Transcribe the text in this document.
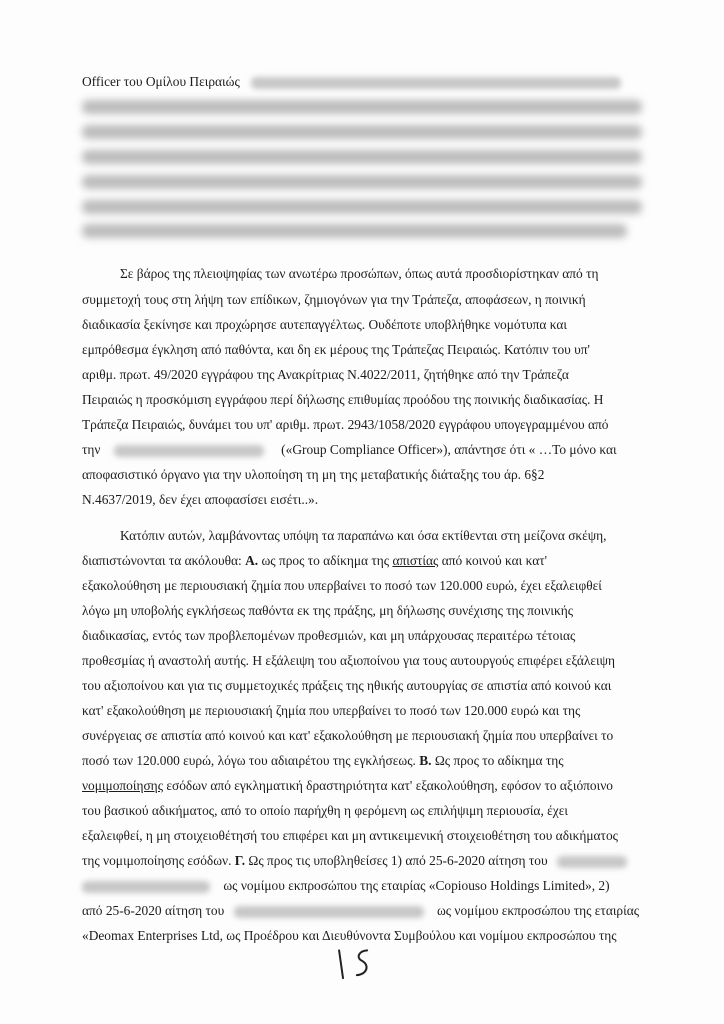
Officer του Ομίλου Πειραιώς
Σε βάρος της πλειοψηφίας των ανωτέρω προσώπων, όπως αυτά προσδιορίστηκαν από τη
συμμετοχή τους στη λήψη των επίδικων, ζημιογόνων για την Τράπεζα, αποφάσεων, η ποινική
διαδικασία ξεκίνησε και προχώρησε αυτεπαγγέλτως. Ουδέποτε υποβλήθηκε νομότυπα και
εμπρόθεσμα έγκληση από παθόντα, και δη εκ μέρους της Τράπεζας Πειραιώς. Κατόπιν του υπ'
αριθμ. πρωτ. 49/2020 εγγράφου της Ανακρίτριας Ν.4022/2011, ζητήθηκε από την Τράπεζα
Πειραιώς η προσκόμιση εγγράφου περί δήλωσης επιθυμίας προόδου της ποινικής διαδικασίας. Η
Τράπεζα Πειραιώς, δυνάμει του υπ' αριθμ. πρωτ. 2943/1058/2020 εγγράφου υπογεγραμμένου από
την	(«Group Compliance Officer»), απάντησε ότι « …Το μόνο και
αποφασιστικό όργανο για την υλοποίηση τη μη της μεταβατικής διάταξης του άρ. 6§2
Ν.4637/2019, δεν έχει αποφασίσει εισέτι..».
Κατόπιν αυτών, λαμβάνοντας υπόψη τα παραπάνω και όσα εκτίθενται στη μείζονα σκέψη,
διαπιστώνονται τα ακόλουθα: Α. ως προς το αδίκημα της απιστίας από κοινού και κατ'
εξακολούθηση με περιουσιακή ζημία που υπερβαίνει το ποσό των 120.000 ευρώ, έχει εξαλειφθεί
λόγω μη υποβολής εγκλήσεως παθόντα εκ της πράξης, μη δήλωσης συνέχισης της ποινικής
διαδικασίας, εντός των προβλεπομένων προθεσμιών, και μη υπάρχουσας περαιτέρω τέτοιας
προθεσμίας ή αναστολή αυτής. Η εξάλειψη του αξιοποίνου για τους αυτουργούς επιφέρει εξάλειψη
του αξιοποίνου και για τις συμμετοχικές πράξεις της ηθικής αυτουργίας σε απιστία από κοινού και
κατ' εξακολούθηση με περιουσιακή ζημία που υπερβαίνει το ποσό των 120.000 ευρώ και της
συνέργειας σε απιστία από κοινού και κατ' εξακολούθηση με περιουσιακή ζημία που υπερβαίνει το
ποσό των 120.000 ευρώ, λόγω του αδιαιρέτου της εγκλήσεως. Β. Ως προς το αδίκημα της
νομιμοποίησης εσόδων από εγκληματική δραστηριότητα κατ' εξακολούθηση, εφόσον το αξιόποινο
του βασικού αδικήματος, από το οποίο παρήχθη η φερόμενη ως επιλήψιμη περιουσία, έχει
εξαλειφθεί, η μη στοιχειοθέτησή του επιφέρει και μη αντικειμενική στοιχειοθέτηση του αδικήματος
της νομιμοποίησης εσόδων. Γ. Ως προς τις υποβληθείσες 1) από 25-6-2020 αίτηση του
ως νομίμου εκπροσώπου της εταιρίας «Copiouso Holdings Limited», 2)
από 25-6-2020 αίτηση του	ως νομίμου εκπροσώπου της εταιρίας
«Deomax Enterprises Ltd, ως Προέδρου και Διευθύνοντα Συμβούλου και νομίμου εκπροσώπου της
